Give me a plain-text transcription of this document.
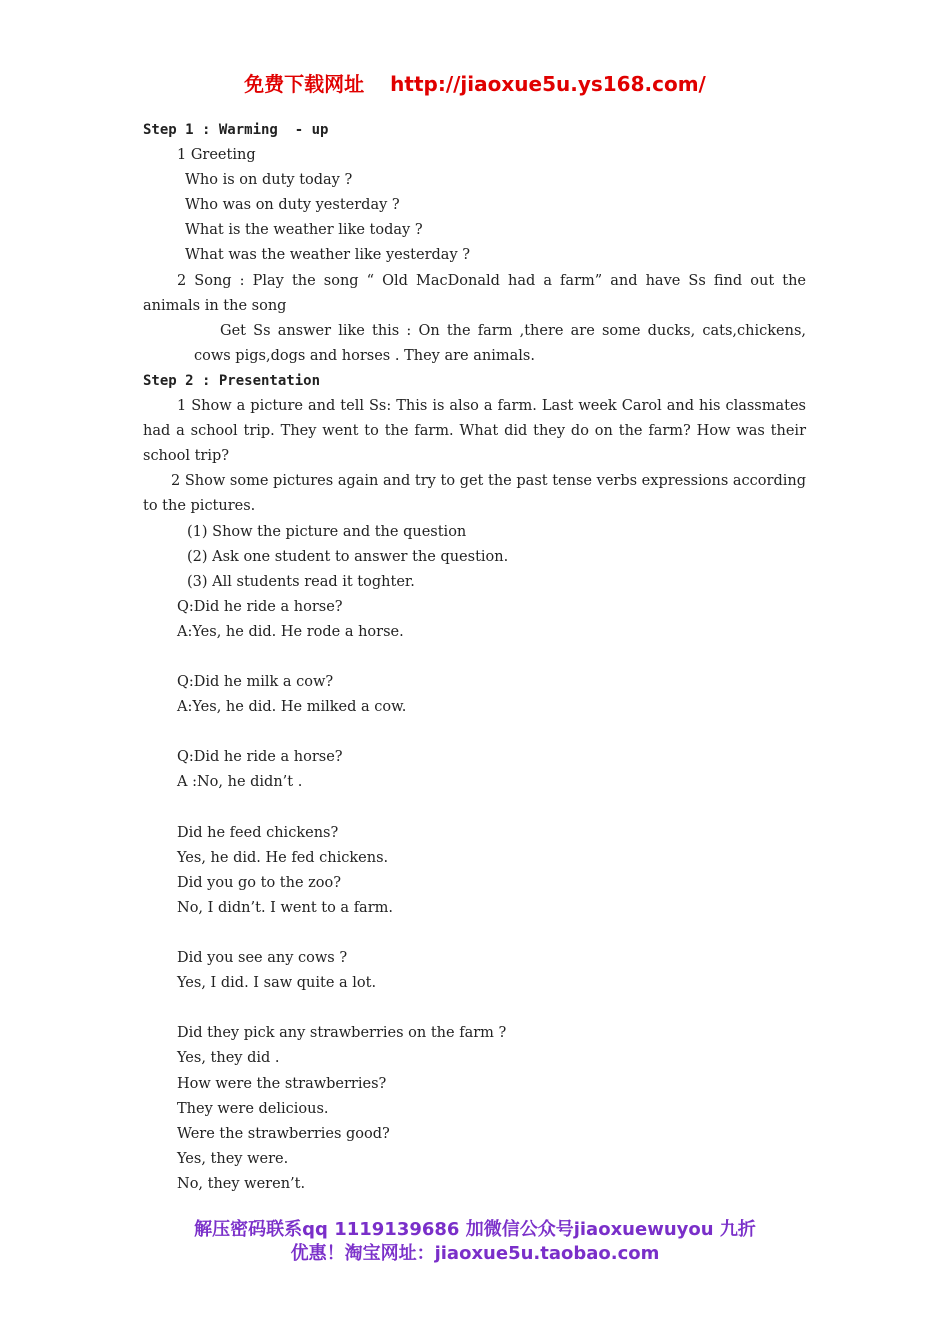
免费下载网址 http://jiaoxue5u.ys168.com/
Step 1 : Warming  - up
1 Greeting
Who is on duty today ?
Who was on duty yesterday ?
What is the weather like today ?
What was the weather like yesterday ?
2 Song : Play the song “ Old MacDonald had a farm” and have Ss find out the animals in the song
Get Ss answer like this : On the farm ,there are some ducks, cats,chickens, cows pigs,dogs and horses . They are animals.
Step 2 : Presentation
1 Show a picture and tell Ss: This is also a farm. Last week Carol and his classmates had a school trip. They went to the farm. What did they do on the farm? How was their school trip?
2 Show some pictures again and try to get the past tense verbs expressions according to the pictures.
(1) Show the picture and the question
(2) Ask one student to answer the question.
(3) All students read it toghter.
Q:Did he ride a horse?
A:Yes, he did. He rode a horse.
Q:Did he milk a cow?
A:Yes, he did. He milked a cow.
Q:Did he ride a horse?
A :No, he didn’t .
Did he feed chickens?
Yes, he did. He fed chickens.
Did you go to the zoo?
No, I didn’t. I went to a farm.
Did you see any cows ?
Yes, I did. I saw quite a lot.
Did they pick any strawberries on the farm ?
Yes, they did .
How were the strawberries?
They were delicious.
Were the strawberries good?
Yes, they were.
No, they weren’t.
解压密码联系qq 1119139686 加微信公众号jiaoxuewuyou 九折
优惠！淘宝网址：jiaoxue5u.taobao.com
